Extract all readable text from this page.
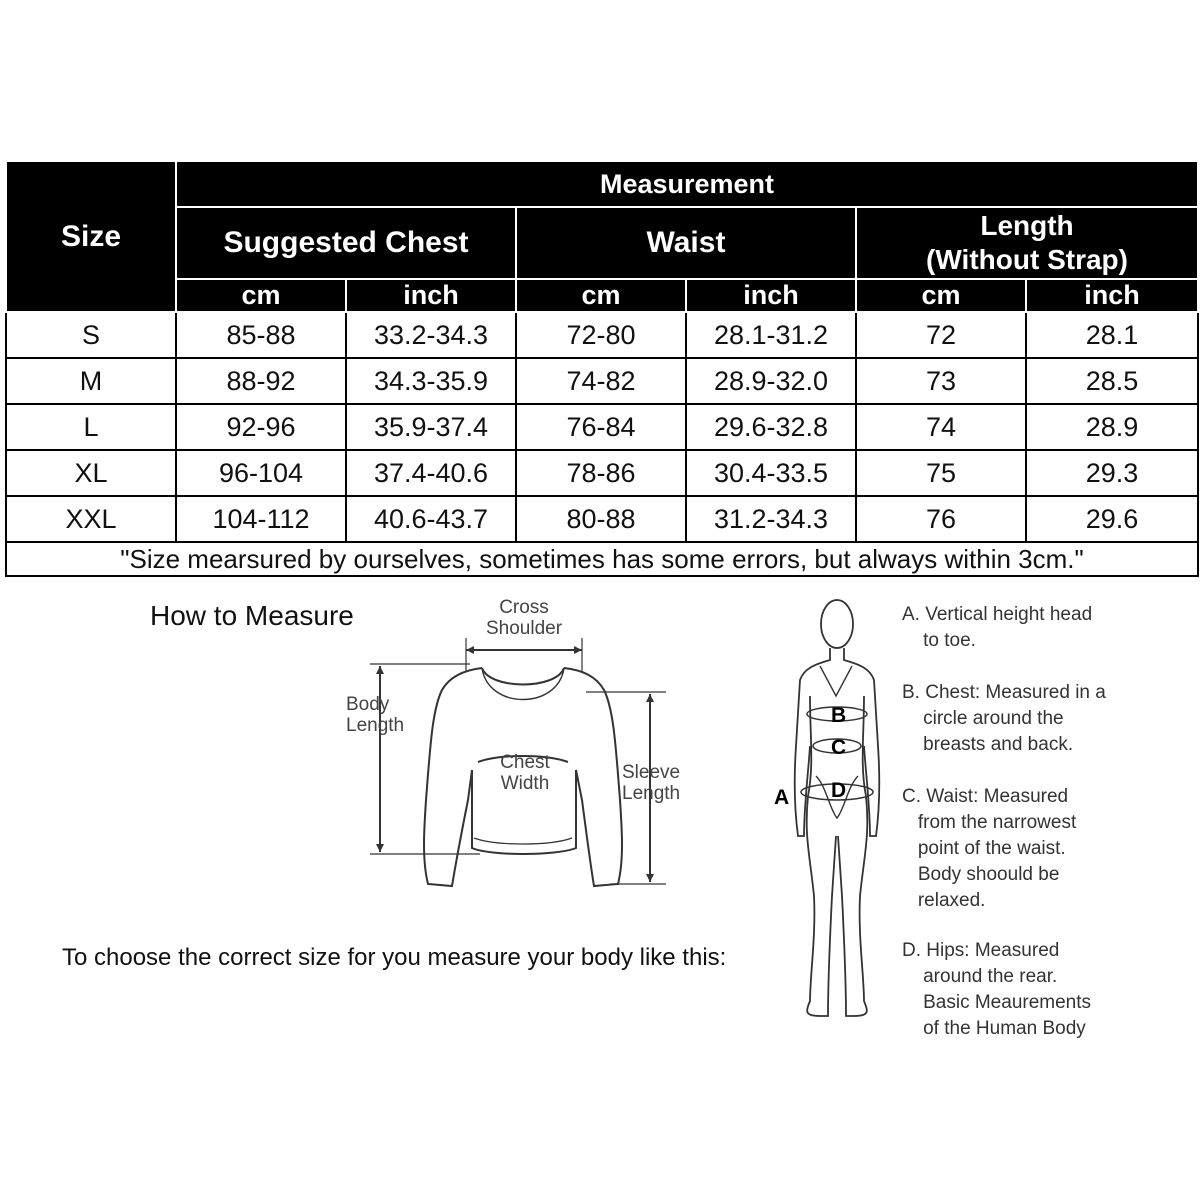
Size	Measurement					
	Suggested Chest		Waist		Length
(Without Strap)	
	cm	inch	cm	inch	cm	inch
S	85-88	33.2-34.3	72-80	28.1-31.2	72	28.1
M	88-92	34.3-35.9	74-82	28.9-32.0	73	28.5
L	92-96	35.9-37.4	76-84	29.6-32.8	74	28.9
XL	96-104	37.4-40.6	78-86	30.4-33.5	75	29.3
XXL	104-112	40.6-43.7	80-88	31.2-34.3	76	29.6
"Size mearsured by ourselves, sometimes has some errors, but always within 3cm."						
How to Measure	Cross
Shoulder
Body
Length
Chest
Width
Sleeve
Length
To choose the correct size for you measure your body like this:
A
B
C
D
A. Vertical height head
to toe.
B. Chest: Measured in a
circle around the
breasts and back.
C. Waist: Measured
from the narrowest
point of the waist.
Body shoould be
relaxed.
D. Hips: Measured
around the rear.
Basic Meaurements
of the Human Body
